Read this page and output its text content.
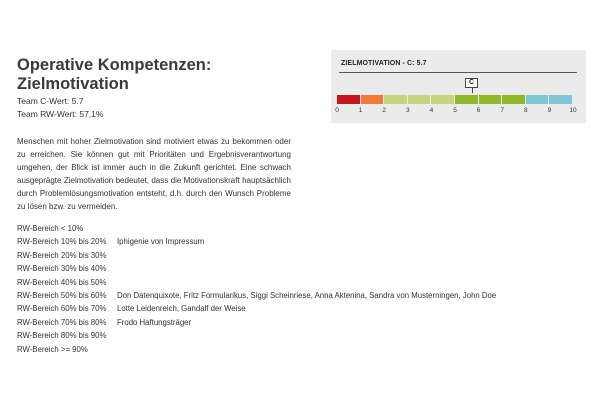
Operative Kompetenzen:
Zielmotivation
Team C-Wert: 5.7
Team RW-Wert: 57,1%

Menschen mit hoher Zielmotivation sind motiviert etwas zu bekommen oder zu erreichen. Sie können gut mit Prioritäten und Ergebnisverantwortung umgehen, der Blick ist immer auch in die Zukunft gerichtet. Eine schwach ausgeprägte Zielmotivation bedeutet, dass die Motivationskraft hauptsächlich durch Problemlösungsmotivation entsteht, d.h. durch den Wunsch Probleme zu lösen bzw. zu vermeiden.

RW-Bereich < 10%
RW-Bereich 10% bis 20% Iphigenie von Impressum
RW-Bereich 20% bis 30%
RW-Bereich 30% bis 40%
RW-Bereich 40% bis 50%
RW-Bereich 50% bis 60% Don Datenquixote, Fritz Formularikus, Siggi Scheinriese, Anna Aktenina, Sandra von Musterningen, John Doe
RW-Bereich 60% bis 70% Lotte Leidenreich, Gandalf der Weise
RW-Bereich 70% bis 80% Frodo Haftungsträger
RW-Bereich 80% bis 90%
RW-Bereich >= 90%
ZIELMOTIVATION - C: 5.7
C
0	1	2	3	4	5	6	7	8	9	10
